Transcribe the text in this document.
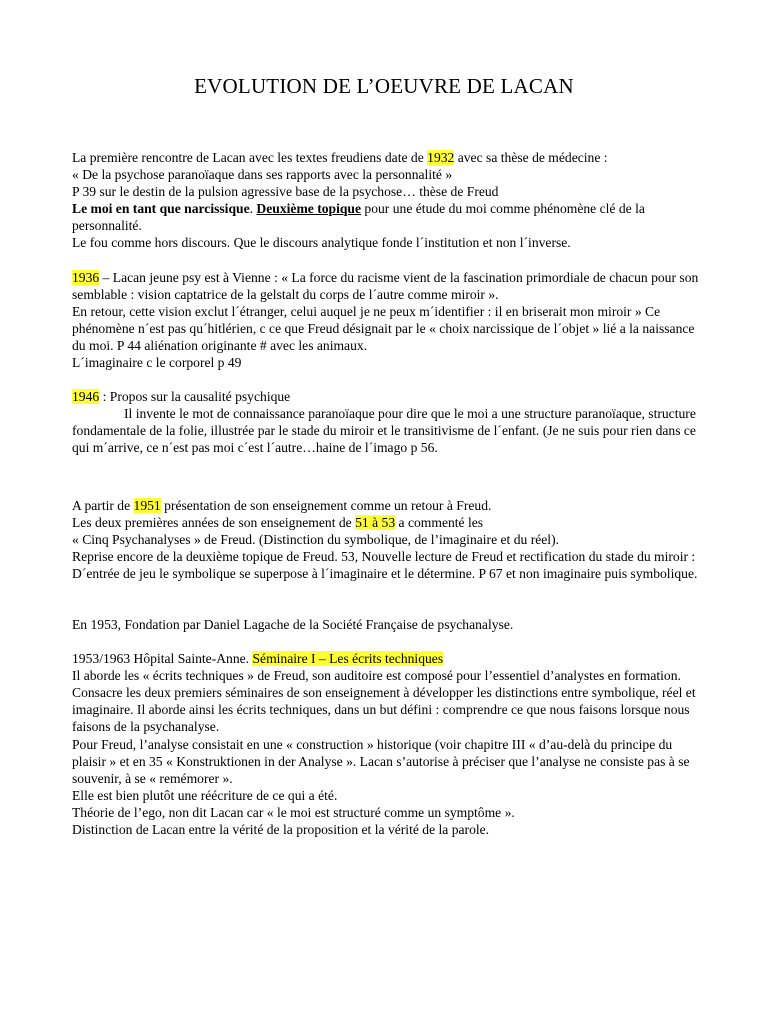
EVOLUTION DE L’OEUVRE DE LACAN

La première rencontre de Lacan avec les textes freudiens date de 1932 avec sa thèse de médecine :

« De la psychose paranoïaque dans ses rapports avec la personnalité »

P 39 sur le destin de la pulsion agressive base de la psychose… thèse de Freud

Le moi en tant que narcissique. Deuxième topique pour une étude du moi comme phénomène clé de la personnalité.

Le fou comme hors discours. Que le discours analytique fonde l´institution et non l´inverse.

1936 – Lacan jeune psy est à Vienne : « La force du racisme vient de la fascination primordiale de chacun pour son semblable : vision captatrice de la gelstalt du corps de l´autre comme miroir ».

En retour, cette vision exclut l´étranger, celui auquel je ne peux m´identifier : il en briserait mon miroir » Ce phénomène n´est pas qu´hitlérien, c ce que Freud désignait par le « choix narcissique de l´objet » lié a la naissance du moi. P 44 aliénation originante # avec les animaux.

L´imaginaire c le corporel p 49

1946 : Propos sur la causalité psychique

Il invente le mot de connaissance paranoïaque pour dire que le moi a une structure paranoïaque, structure fondamentale de la folie, illustrée par le stade du miroir et le transitivisme de l´enfant. (Je ne suis pour rien dans ce qui m´arrive, ce n´est pas moi c´est l´autre…haine de l´imago p 56.

A partir de 1951 présentation de son enseignement comme un retour à Freud.

Les deux premières années de son enseignement de 51 à 53 a commenté les

« Cinq Psychanalyses » de Freud. (Distinction du symbolique, de l’imaginaire et du réel).

Reprise encore de la deuxième topique de Freud. 53, Nouvelle lecture de Freud et rectification du stade du miroir : D´entrée de jeu le symbolique se superpose à l´imaginaire et le détermine. P 67 et non imaginaire puis symbolique.

En 1953, Fondation par Daniel Lagache de la Société Française de psychanalyse.

1953/1963 Hôpital Sainte-Anne. Séminaire I – Les écrits techniques

Il aborde les « écrits techniques » de Freud, son auditoire est composé pour l’essentiel d’analystes en formation. Consacre les deux premiers séminaires de son enseignement à développer les distinctions entre symbolique, réel et imaginaire. Il aborde ainsi les écrits techniques, dans un but défini : comprendre ce que nous faisons lorsque nous faisons de la psychanalyse.

Pour Freud, l’analyse consistait en une « construction » historique (voir chapitre III « d’au-delà du principe du plaisir » et en 35 « Konstruktionen in der Analyse ». Lacan s’autorise à préciser que l’analyse ne consiste pas à se souvenir, à se « remémorer ».

Elle est bien plutôt une réécriture de ce qui a été.

Théorie de l’ego, non dit Lacan car « le moi est structuré comme un symptôme ».

Distinction de Lacan entre la vérité de la proposition et la vérité de la parole.
